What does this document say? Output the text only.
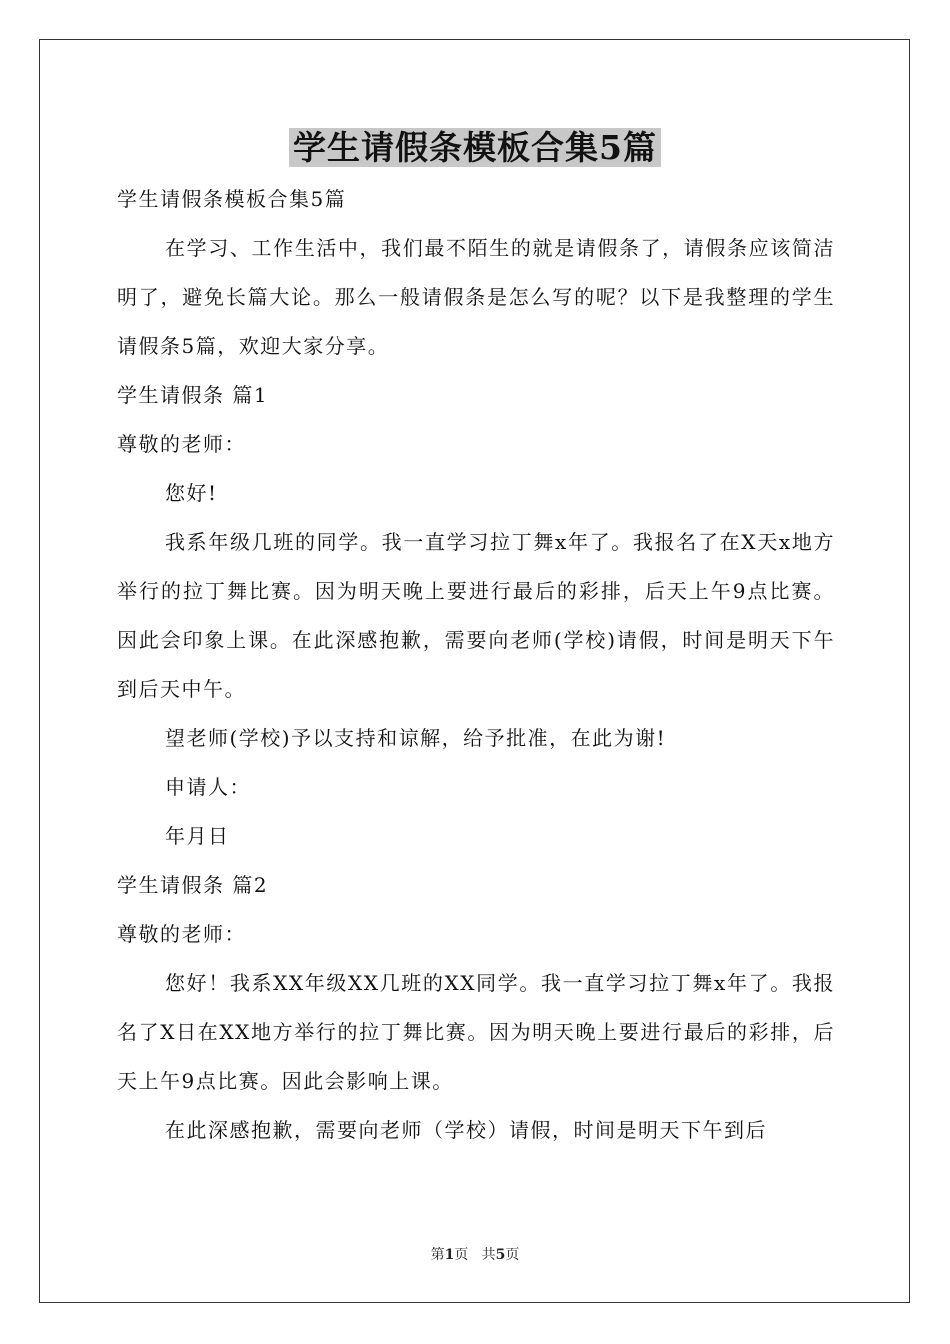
学生请假条模板合集5篇

学生请假条模板合集5篇

在学习、工作生活中，我们最不陌生的就是请假条了，请假条应该简洁明了，避免长篇大论。那么一般请假条是怎么写的呢？以下是我整理的学生请假条5篇，欢迎大家分享。

学生请假条 篇1

尊敬的老师：

您好!

我系年级几班的同学。我一直学习拉丁舞x年了。我报名了在X天x地方举行的拉丁舞比赛。因为明天晚上要进行最后的彩排，后天上午9点比赛。因此会印象上课。在此深感抱歉，需要向老师(学校)请假，时间是明天下午到后天中午。

望老师(学校)予以支持和谅解，给予批准，在此为谢!

申请人：

年月日

学生请假条 篇2

尊敬的老师：

您好！我系XX年级XX几班的XX同学。我一直学习拉丁舞x年了。我报名了X日在XX地方举行的拉丁舞比赛。因为明天晚上要进行最后的彩排，后天上午9点比赛。因此会影响上课。

在此深感抱歉，需要向老师（学校）请假，时间是明天下午到后

第1页 共5页
